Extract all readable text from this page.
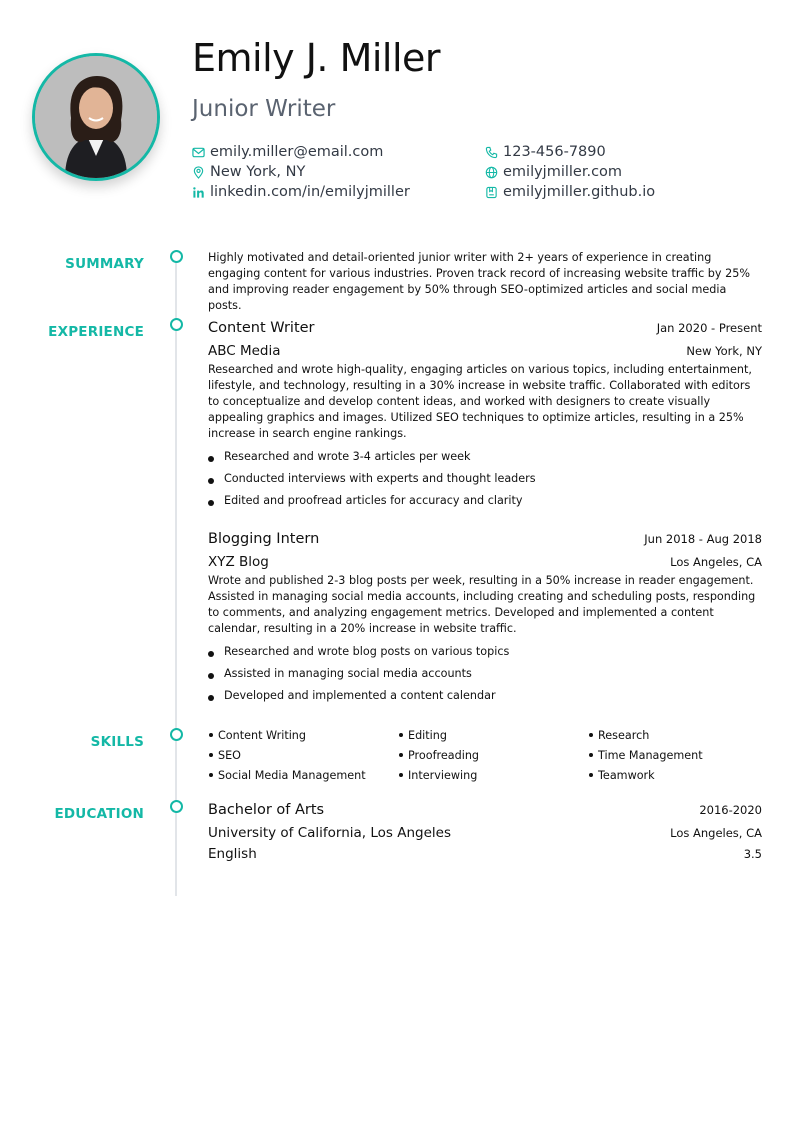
Emily J. Miller
Junior Writer
emily.miller@email.com	123-456-7890
New York, NY	emilyjmiller.com
linkedin.com/in/emilyjmiller	emilyjmiller.github.io
SUMMARY	Highly motivated and detail-oriented junior writer with 2+ years of experience in creating engaging content for various industries. Proven track record of increasing website traffic by 25% and improving reader engagement by 50% through SEO-optimized articles and social media posts.
EXPERIENCE	Content Writer	Jan 2020 - Present
ABC Media	New York, NY
Researched and wrote high-quality, engaging articles on various topics, including entertainment, lifestyle, and technology, resulting in a 30% increase in website traffic. Collaborated with editors to conceptualize and develop content ideas, and worked with designers to create visually appealing graphics and images. Utilized SEO techniques to optimize articles, resulting in a 25% increase in search engine rankings.
Researched and wrote 3-4 articles per week
Conducted interviews with experts and thought leaders
Edited and proofread articles for accuracy and clarity
Blogging Intern	Jun 2018 - Aug 2018
XYZ Blog	Los Angeles, CA
Wrote and published 2-3 blog posts per week, resulting in a 50% increase in reader engagement. Assisted in managing social media accounts, including creating and scheduling posts, responding to comments, and analyzing engagement metrics. Developed and implemented a content calendar, resulting in a 20% increase in website traffic.
Researched and wrote blog posts on various topics
Assisted in managing social media accounts
Developed and implemented a content calendar
SKILLS	Content Writing	Editing	Research
SEO	Proofreading	Time Management
Social Media Management	Interviewing	Teamwork
EDUCATION	Bachelor of Arts	2016-2020
University of California, Los Angeles	Los Angeles, CA
English	3.5
